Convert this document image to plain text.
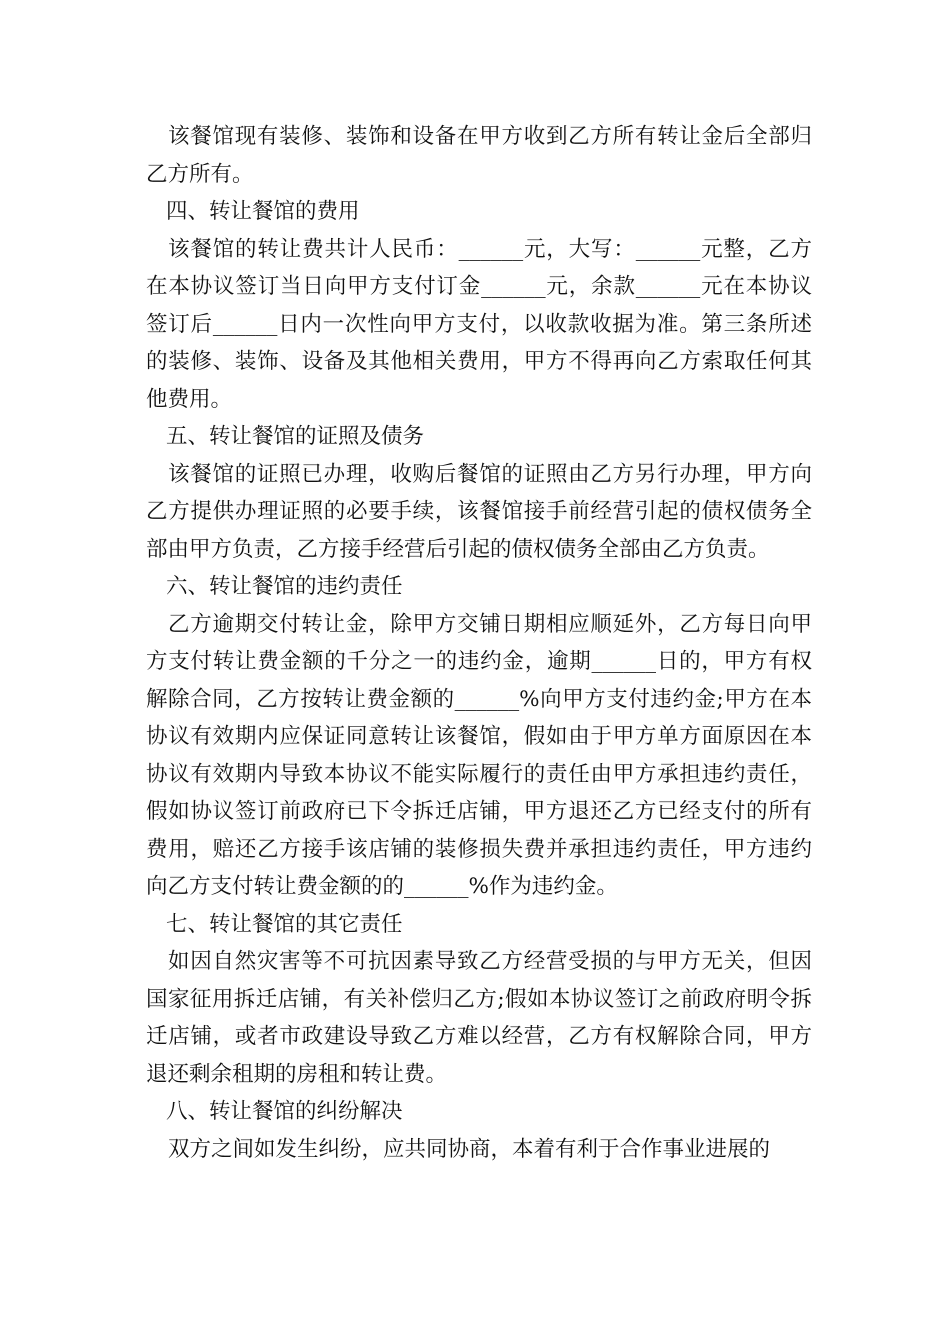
该餐馆现有装修、装饰和设备在甲方收到乙方所有转让金后全部归乙方所有。

四、转让餐馆的费用

该餐馆的转让费共计人民币：______元，大写：______元整，乙方在本协议签订当日向甲方支付订金______元，余款______元在本协议签订后______日内一次性向甲方支付，以收款收据为准。第三条所述的装修、装饰、设备及其他相关费用，甲方不得再向乙方索取任何其他费用。

五、转让餐馆的证照及债务

该餐馆的证照已办理，收购后餐馆的证照由乙方另行办理，甲方向乙方提供办理证照的必要手续，该餐馆接手前经营引起的债权债务全部由甲方负责，乙方接手经营后引起的债权债务全部由乙方负责。

六、转让餐馆的违约责任

乙方逾期交付转让金，除甲方交铺日期相应顺延外，乙方每日向甲方支付转让费金额的千分之一的违约金，逾期______日的，甲方有权解除合同，乙方按转让费金额的______%向甲方支付违约金;甲方在本协议有效期内应保证同意转让该餐馆，假如由于甲方单方面原因在本协议有效期内导致本协议不能实际履行的责任由甲方承担违约责任，假如协议签订前政府已下令拆迁店铺，甲方退还乙方已经支付的所有费用，赔还乙方接手该店铺的装修损失费并承担违约责任，甲方违约向乙方支付转让费金额的的______%作为违约金。

七、转让餐馆的其它责任

如因自然灾害等不可抗因素导致乙方经营受损的与甲方无关，但因国家征用拆迁店铺，有关补偿归乙方;假如本协议签订之前政府明令拆迁店铺，或者市政建设导致乙方难以经营，乙方有权解除合同，甲方退还剩余租期的房租和转让费。

八、转让餐馆的纠纷解决

双方之间如发生纠纷，应共同协商，本着有利于合作事业进展的
